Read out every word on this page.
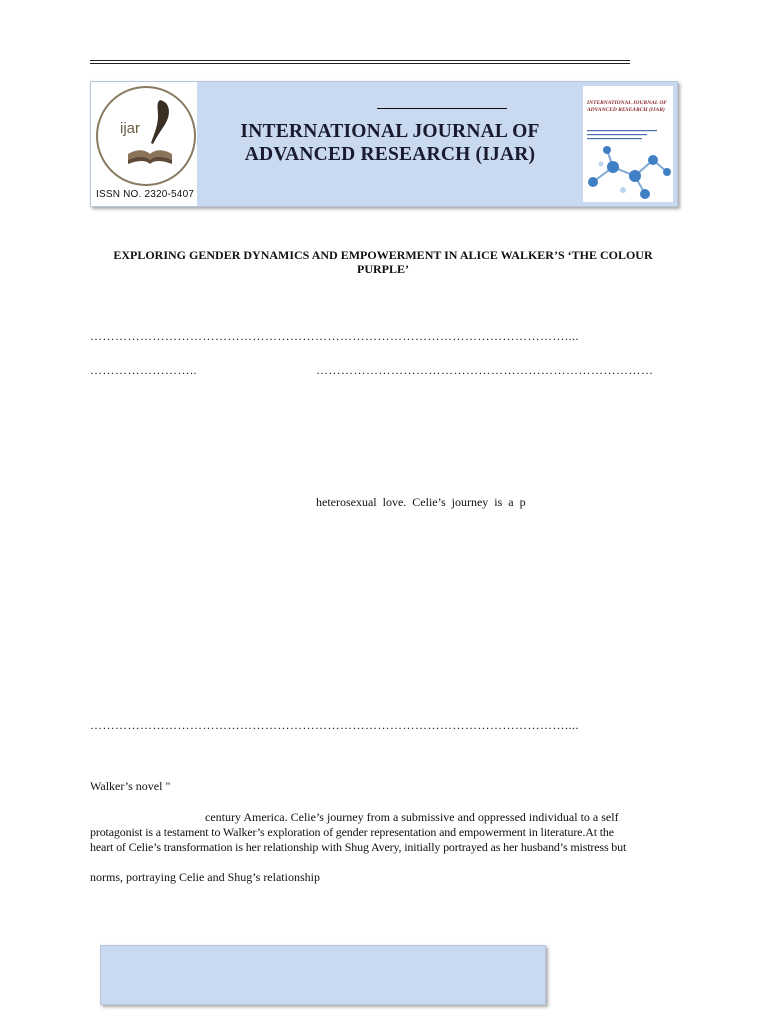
ijar
ISSN NO. 2320-5407
INTERNATIONAL JOURNAL OF
ADVANCED RESEARCH (IJAR)
INTERNATIONAL JOURNAL OF ADVANCED RESEARCH (IJAR)
EXPLORING GENDER DYNAMICS AND EMPOWERMENT IN ALICE WALKER’S ‘THE COLOUR PURPLE’
……………………………………………………………………………………………………....
……………………..	………………………………………………………………………
heterosexual  love.  Celie’s  journey  is  a  p
……………………………………………………………………………………………………....
Walker’s novel "
century America. Celie’s journey from a submissive and oppressed individual to a self
protagonist is a testament to Walker’s exploration of gender representation and empowerment in literature.At the
heart of Celie’s transformation is her relationship with Shug Avery, initially portrayed as her husband’s mistress but
norms, portraying Celie and Shug’s relationship
